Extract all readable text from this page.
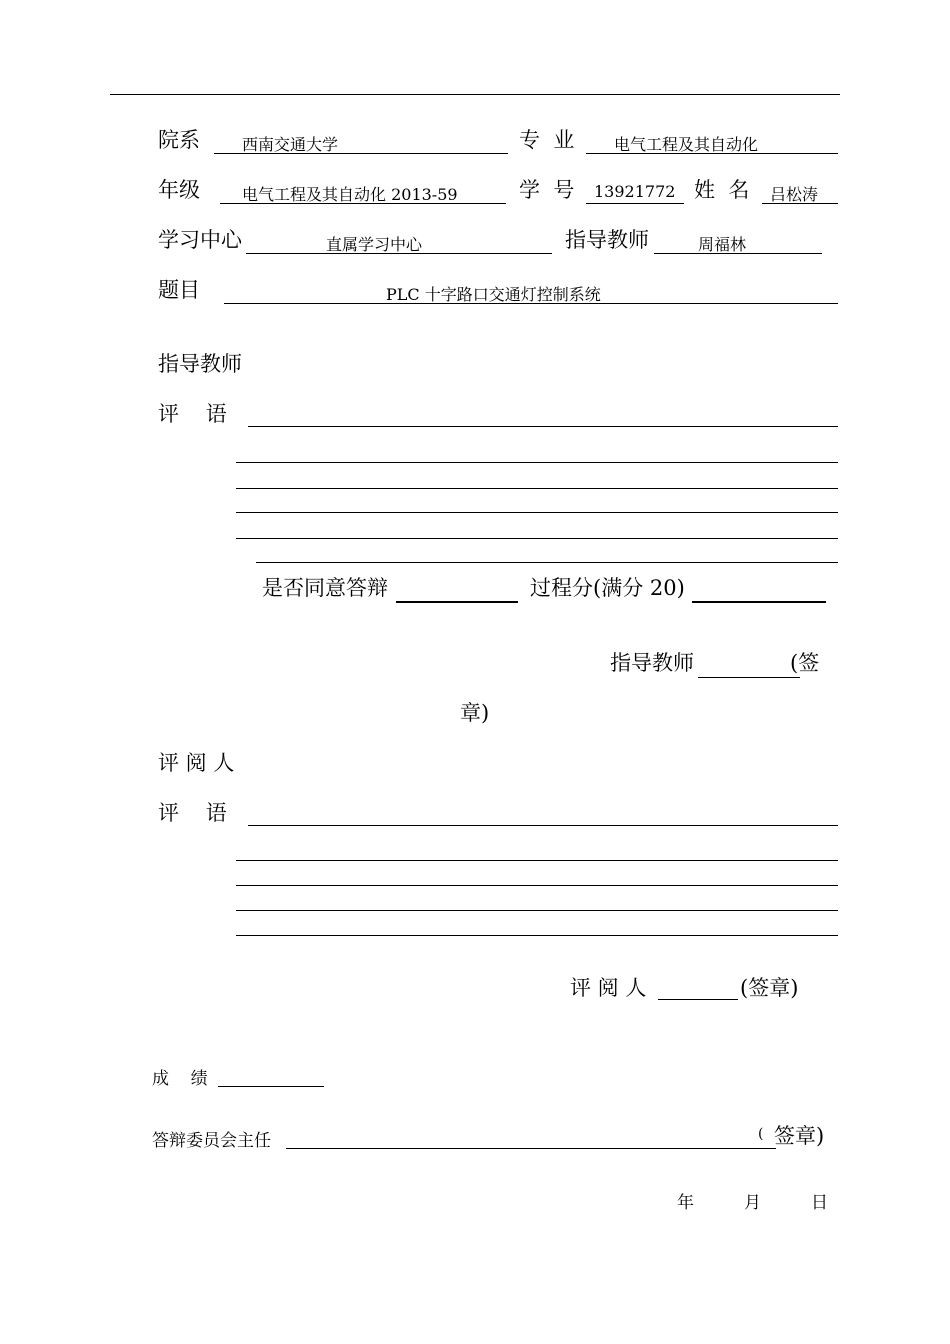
院系	西南交通大学	专  业 电气工程及其自动化
年级	电气工程及其自动化 2013-59	学  号 13921772 姓  名 吕松涛
学习中心	直属学习中心	指导教师	周福林
题目	PLC 十字路口交通灯控制系统
指导教师
评    语
是否同意答辩	过程分(满分 20)
指导教师	(签
章)
评 阅 人
评    语
评 阅 人	(签章)
成    绩
答辩委员会主任	( 签章)
年	月	日
